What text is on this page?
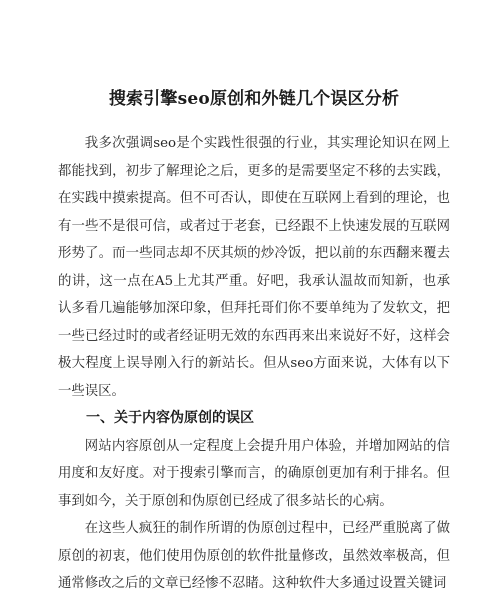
搜索引擎seo原创和外链几个误区分析

我多次强调seo是个实践性很强的行业，其实理论知识在网上都能找到，初步了解理论之后，更多的是需要坚定不移的去实践，在实践中摸索提高。但不可否认，即使在互联网上看到的理论，也有一些不是很可信，或者过于老套，已经跟不上快速发展的互联网形势了。而一些同志却不厌其烦的炒冷饭，把以前的东西翻来覆去的讲，这一点在A5上尤其严重。好吧，我承认温故而知新，也承认多看几遍能够加深印象，但拜托哥们你不要单纯为了发软文，把一些已经过时的或者经证明无效的东西再来出来说好不好，这样会极大程度上误导刚入行的新站长。但从seo方面来说，大体有以下一些误区。

一、关于内容伪原创的误区

网站内容原创从一定程度上会提升用户体验，并增加网站的信用度和友好度。对于搜索引擎而言，的确原创更加有利于排名。但事到如今，关于原创和伪原创已经成了很多站长的心病。

在这些人疯狂的制作所谓的伪原创过程中，已经严重脱离了做原创的初衷，他们使用伪原创的软件批量修改，虽然效率极高，但通常修改之后的文章已经惨不忍睹。这种软件大多通过设置关键词
